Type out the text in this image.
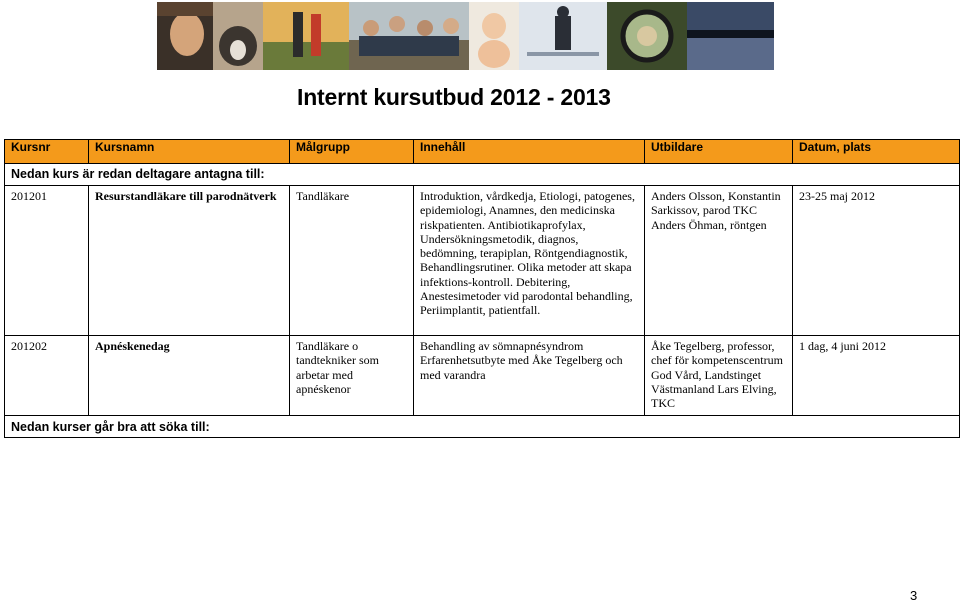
Internt kursutbud 2012 - 2013
Kursnr	Kursnamn	Målgrupp	Innehåll	Utbildare	Datum, plats
Nedan kurs är redan deltagare antagna till:					
201201	Resurstandläkare till parodnätverk	Tandläkare	Introduktion, vårdkedja, Etiologi, patogenes, epidemiologi, Anamnes, den medicinska riskpatienten. Antibiotikaprofylax, Undersökningsmetodik, diagnos, bedömning, terapiplan, Röntgendiagnostik, Behandlingsrutiner. Olika metoder att skapa infektions-kontroll. Debitering, Anestesimetoder vid parodontal behandling, Periimplantit, patientfall.	Anders Olsson, Konstantin Sarkissov, parod TKC Anders Öhman, röntgen	23-25 maj 2012
201202	Apnéskenedag	Tandläkare o tandtekniker som arbetar med apnéskenor	Behandling av sömnapnésyndrom Erfarenhetsutbyte med Åke Tegelberg och med varandra	Åke Tegelberg, professor, chef för kompetenscentrum God Vård, Landstinget Västmanland Lars Elving, TKC	1 dag, 4 juni 2012
Nedan kurser går bra att söka till:					
3
